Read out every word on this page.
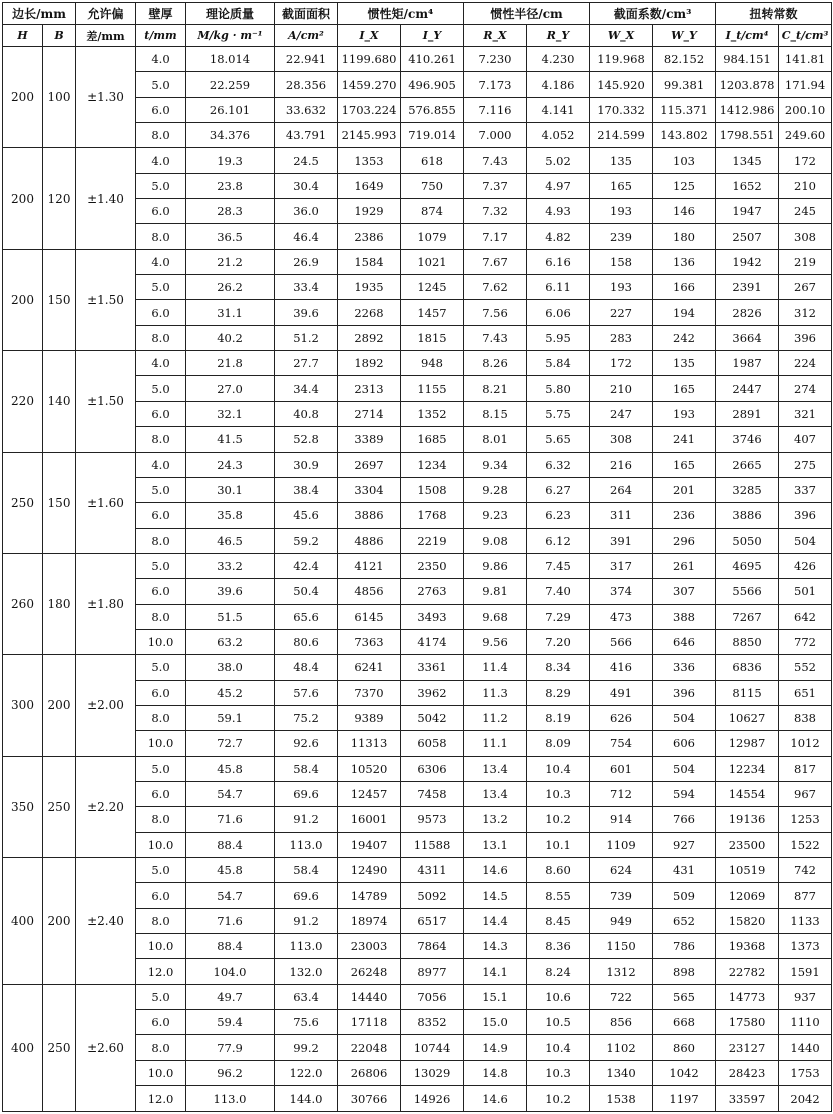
边长/mm		允许偏	壁厚	理论质量	截面面积	惯性矩/cm⁴		惯性半径/cm		截面系数/cm³		扭转常数	
H	B	差/mm	t/mm	M/kg · m⁻¹	A/cm²	I_X	I_Y	R_X	R_Y	W_X	W_Y	I_t/cm⁴	C_t/cm³
200	100	±1.30	4.0	18.014	22.941	1199.680	410.261	7.230	4.230	119.968	82.152	984.151	141.81
			5.0	22.259	28.356	1459.270	496.905	7.173	4.186	145.920	99.381	1203.878	171.94
			6.0	26.101	33.632	1703.224	576.855	7.116	4.141	170.332	115.371	1412.986	200.10
			8.0	34.376	43.791	2145.993	719.014	7.000	4.052	214.599	143.802	1798.551	249.60
200	120	±1.40	4.0	19.3	24.5	1353	618	7.43	5.02	135	103	1345	172
			5.0	23.8	30.4	1649	750	7.37	4.97	165	125	1652	210
			6.0	28.3	36.0	1929	874	7.32	4.93	193	146	1947	245
			8.0	36.5	46.4	2386	1079	7.17	4.82	239	180	2507	308
200	150	±1.50	4.0	21.2	26.9	1584	1021	7.67	6.16	158	136	1942	219
			5.0	26.2	33.4	1935	1245	7.62	6.11	193	166	2391	267
			6.0	31.1	39.6	2268	1457	7.56	6.06	227	194	2826	312
			8.0	40.2	51.2	2892	1815	7.43	5.95	283	242	3664	396
220	140	±1.50	4.0	21.8	27.7	1892	948	8.26	5.84	172	135	1987	224
			5.0	27.0	34.4	2313	1155	8.21	5.80	210	165	2447	274
			6.0	32.1	40.8	2714	1352	8.15	5.75	247	193	2891	321
			8.0	41.5	52.8	3389	1685	8.01	5.65	308	241	3746	407
250	150	±1.60	4.0	24.3	30.9	2697	1234	9.34	6.32	216	165	2665	275
			5.0	30.1	38.4	3304	1508	9.28	6.27	264	201	3285	337
			6.0	35.8	45.6	3886	1768	9.23	6.23	311	236	3886	396
			8.0	46.5	59.2	4886	2219	9.08	6.12	391	296	5050	504
260	180	±1.80	5.0	33.2	42.4	4121	2350	9.86	7.45	317	261	4695	426
			6.0	39.6	50.4	4856	2763	9.81	7.40	374	307	5566	501
			8.0	51.5	65.6	6145	3493	9.68	7.29	473	388	7267	642
			10.0	63.2	80.6	7363	4174	9.56	7.20	566	646	8850	772
300	200	±2.00	5.0	38.0	48.4	6241	3361	11.4	8.34	416	336	6836	552
			6.0	45.2	57.6	7370	3962	11.3	8.29	491	396	8115	651
			8.0	59.1	75.2	9389	5042	11.2	8.19	626	504	10627	838
			10.0	72.7	92.6	11313	6058	11.1	8.09	754	606	12987	1012
350	250	±2.20	5.0	45.8	58.4	10520	6306	13.4	10.4	601	504	12234	817
			6.0	54.7	69.6	12457	7458	13.4	10.3	712	594	14554	967
			8.0	71.6	91.2	16001	9573	13.2	10.2	914	766	19136	1253
			10.0	88.4	113.0	19407	11588	13.1	10.1	1109	927	23500	1522
400	200	±2.40	5.0	45.8	58.4	12490	4311	14.6	8.60	624	431	10519	742
			6.0	54.7	69.6	14789	5092	14.5	8.55	739	509	12069	877
			8.0	71.6	91.2	18974	6517	14.4	8.45	949	652	15820	1133
			10.0	88.4	113.0	23003	7864	14.3	8.36	1150	786	19368	1373
			12.0	104.0	132.0	26248	8977	14.1	8.24	1312	898	22782	1591
400	250	±2.60	5.0	49.7	63.4	14440	7056	15.1	10.6	722	565	14773	937
			6.0	59.4	75.6	17118	8352	15.0	10.5	856	668	17580	1110
			8.0	77.9	99.2	22048	10744	14.9	10.4	1102	860	23127	1440
			10.0	96.2	122.0	26806	13029	14.8	10.3	1340	1042	28423	1753
			12.0	113.0	144.0	30766	14926	14.6	10.2	1538	1197	33597	2042
